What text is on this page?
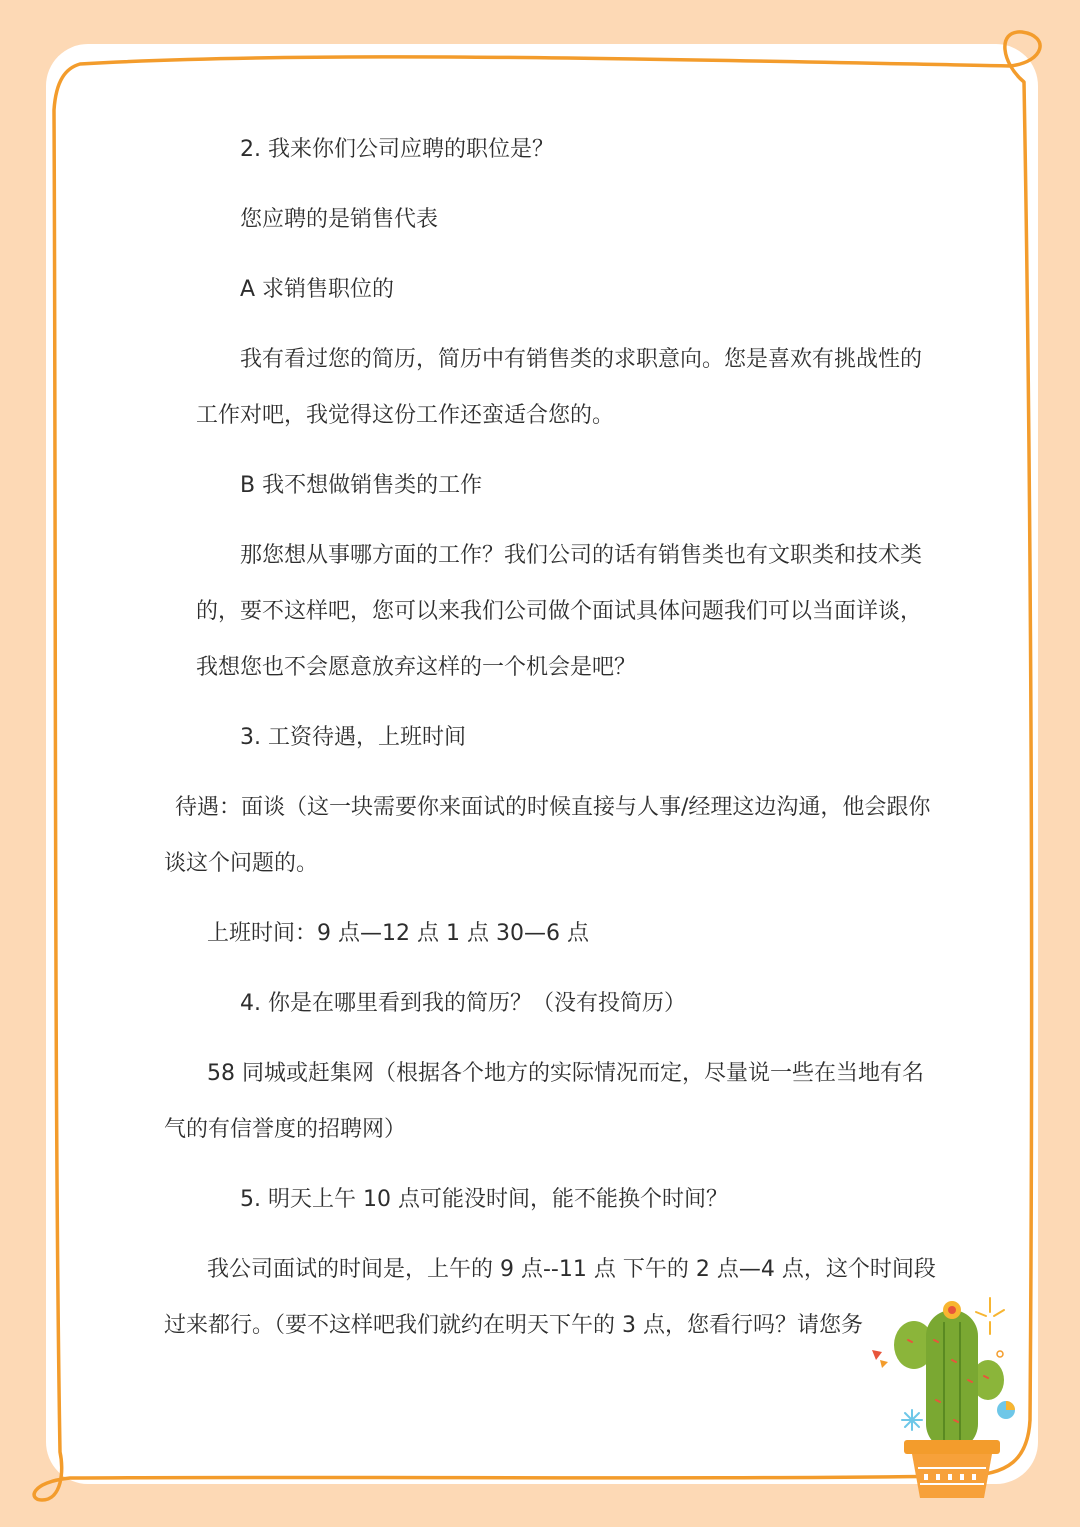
2. 我来你们公司应聘的职位是？
您应聘的是销售代表
A 求销售职位的
我有看过您的简历，简历中有销售类的求职意向。您是喜欢有挑战性的
工作对吧，我觉得这份工作还蛮适合您的。
B 我不想做销售类的工作
那您想从事哪方面的工作？我们公司的话有销售类也有文职类和技术类
的，要不这样吧，您可以来我们公司做个面试具体问题我们可以当面详谈，
我想您也不会愿意放弃这样的一个机会是吧？
3. 工资待遇，上班时间
待遇：面谈（这一块需要你来面试的时候直接与人事/经理这边沟通，他会跟你
谈这个问题的。
上班时间：9 点—12 点 1 点 30—6 点
4. 你是在哪里看到我的简历？（没有投简历）
58 同城或赶集网（根据各个地方的实际情况而定，尽量说一些在当地有名
气的有信誉度的招聘网）
5. 明天上午 10 点可能没时间，能不能换个时间？
我公司面试的时间是，上午的 9 点--11 点 下午的 2 点—4 点，这个时间段
过来都行。（要不这样吧我们就约在明天下午的 3 点，您看行吗？请您务
